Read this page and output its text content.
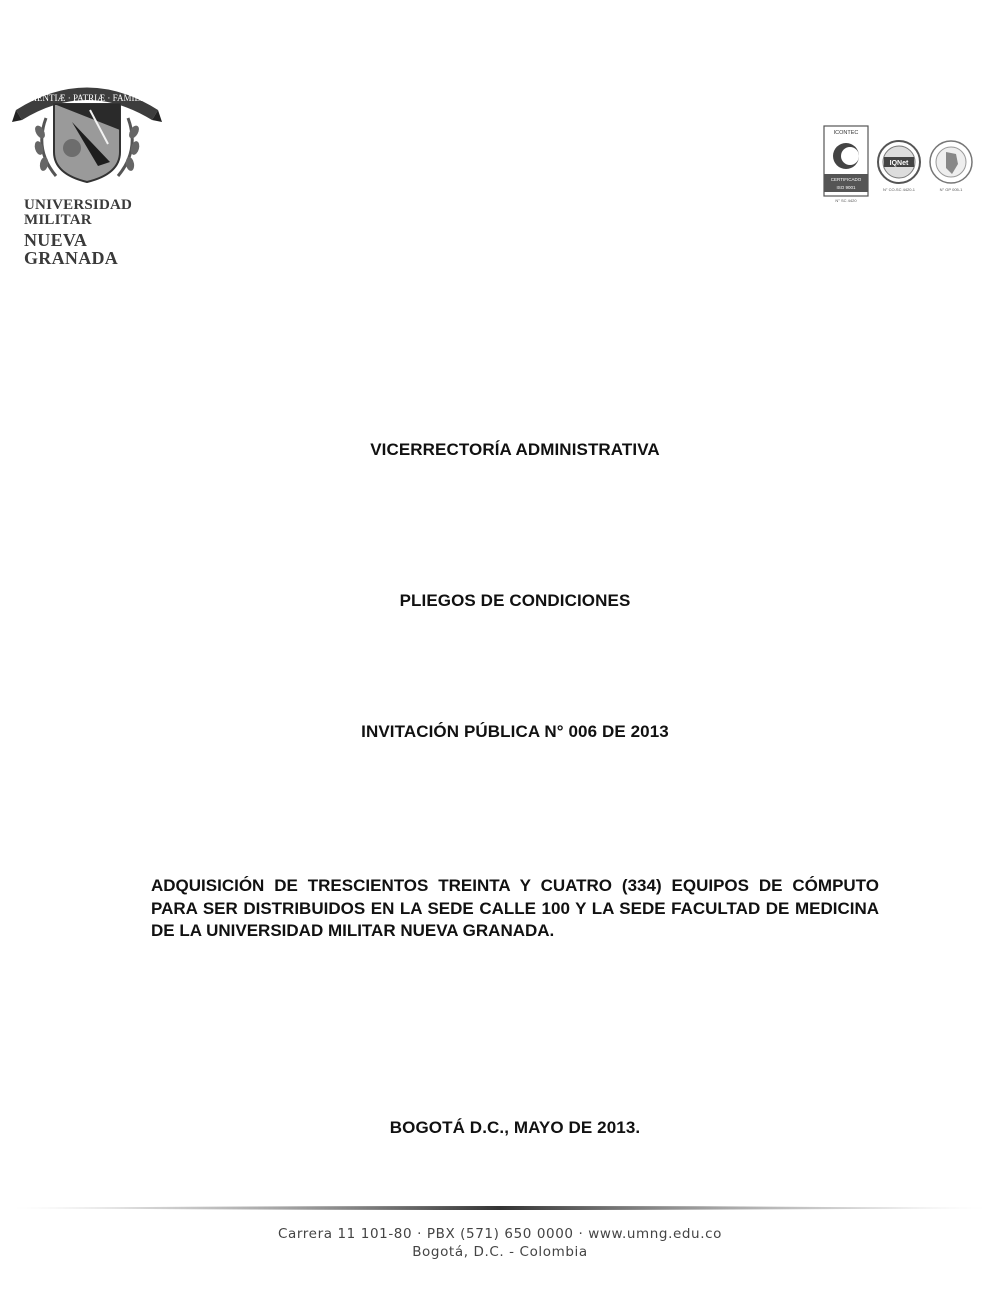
SCIENTIÆ · PATRIÆ · FAMILIÆ
UNIVERSIDAD MILITAR
NUEVA GRANADA
ICONTEC
CERTIFICADO
ISO 9001
N° SC 4420
IQNet
N° CO-SC 4420-1	N° GP 005-1
VICERRECTORÍA ADMINISTRATIVA
PLIEGOS DE CONDICIONES
INVITACIÓN PÚBLICA N° 006 DE 2013
ADQUISICIÓN DE TRESCIENTOS TREINTA Y CUATRO (334) EQUIPOS DE CÓMPUTO PARA SER DISTRIBUIDOS EN LA SEDE CALLE 100 Y LA SEDE FACULTAD DE MEDICINA DE LA UNIVERSIDAD MILITAR NUEVA GRANADA.
BOGOTÁ D.C., MAYO DE 2013.
Carrera 11 101-80 · PBX (571) 650 0000 · www.umng.edu.co
Bogotá, D.C. - Colombia
